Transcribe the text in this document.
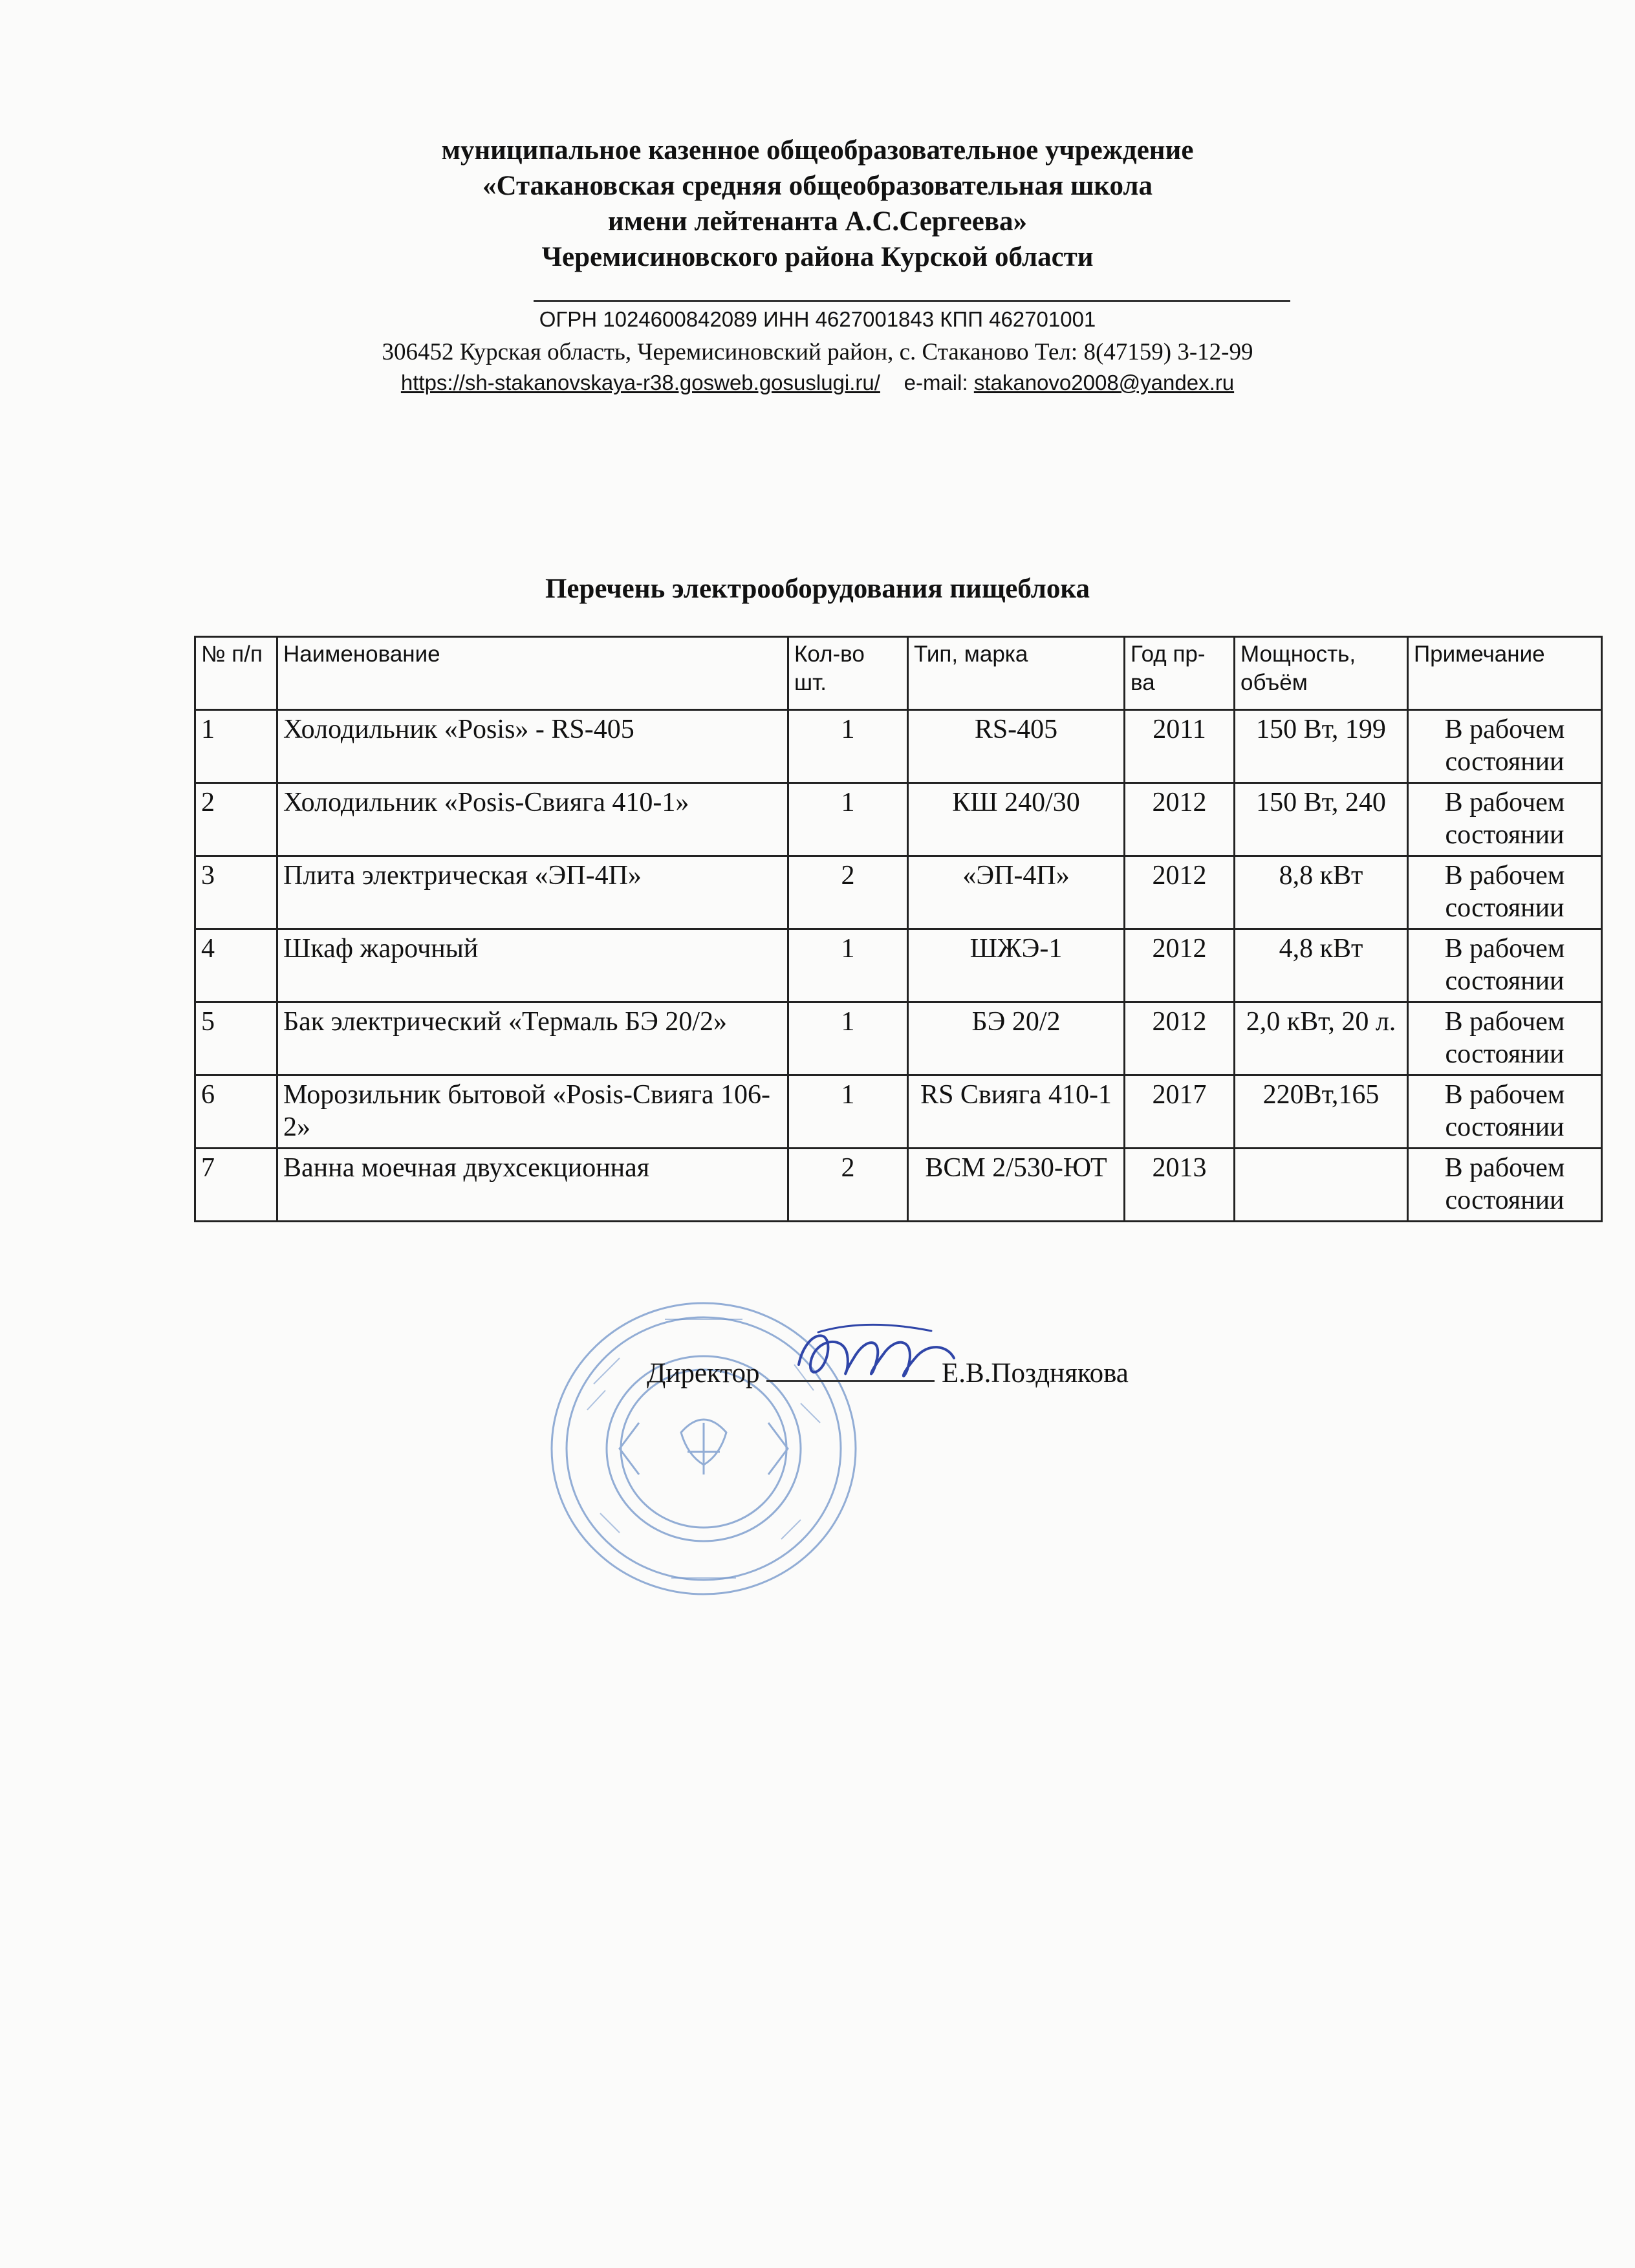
муниципальное казенное общеобразовательное учреждение
«Стакановская средняя общеобразовательная школа
имени лейтенанта А.С.Сергеева»
Черемисиновского района Курской области
ОГРН 1024600842089 ИНН 4627001843 КПП 462701001
306452 Курская область, Черемисиновский район, с. Стаканово Тел: 8(47159) 3-12-99
https://sh-stakanovskaya-r38.gosweb.gosuslugi.ru/ e-mail: stakanovo2008@yandex.ru
Перечень электрооборудования пищеблока
№ п/п	Наименование	Кол-во шт.	Тип, марка	Год пр-ва	Мощность, объём	Примечание
1	Холодильник «Posis» - RS-405	1	RS-405	2011	150 Вт, 199	В рабочем состоянии
2	Холодильник «Posis-Свияга 410-1»	1	КШ 240/30	2012	150 Вт, 240	В рабочем состоянии
3	Плита электрическая «ЭП-4П»	2	«ЭП-4П»	2012	8,8 кВт	В рабочем состоянии
4	Шкаф жарочный	1	ШЖЭ-1	2012	4,8 кВт	В рабочем состоянии
5	Бак электрический «Термаль БЭ 20/2»	1	БЭ 20/2	2012	2,0 кВт, 20 л.	В рабочем состоянии
6	Морозильник бытовой «Posis-Свияга 106-2»	1	RS Свияга 410-1	2017	220Вт,165	В рабочем состоянии
7	Ванна моечная двухсекционная	2	ВСМ 2/530-ЮТ	2013		В рабочем состоянии
Директор	Е.В.Позднякова
